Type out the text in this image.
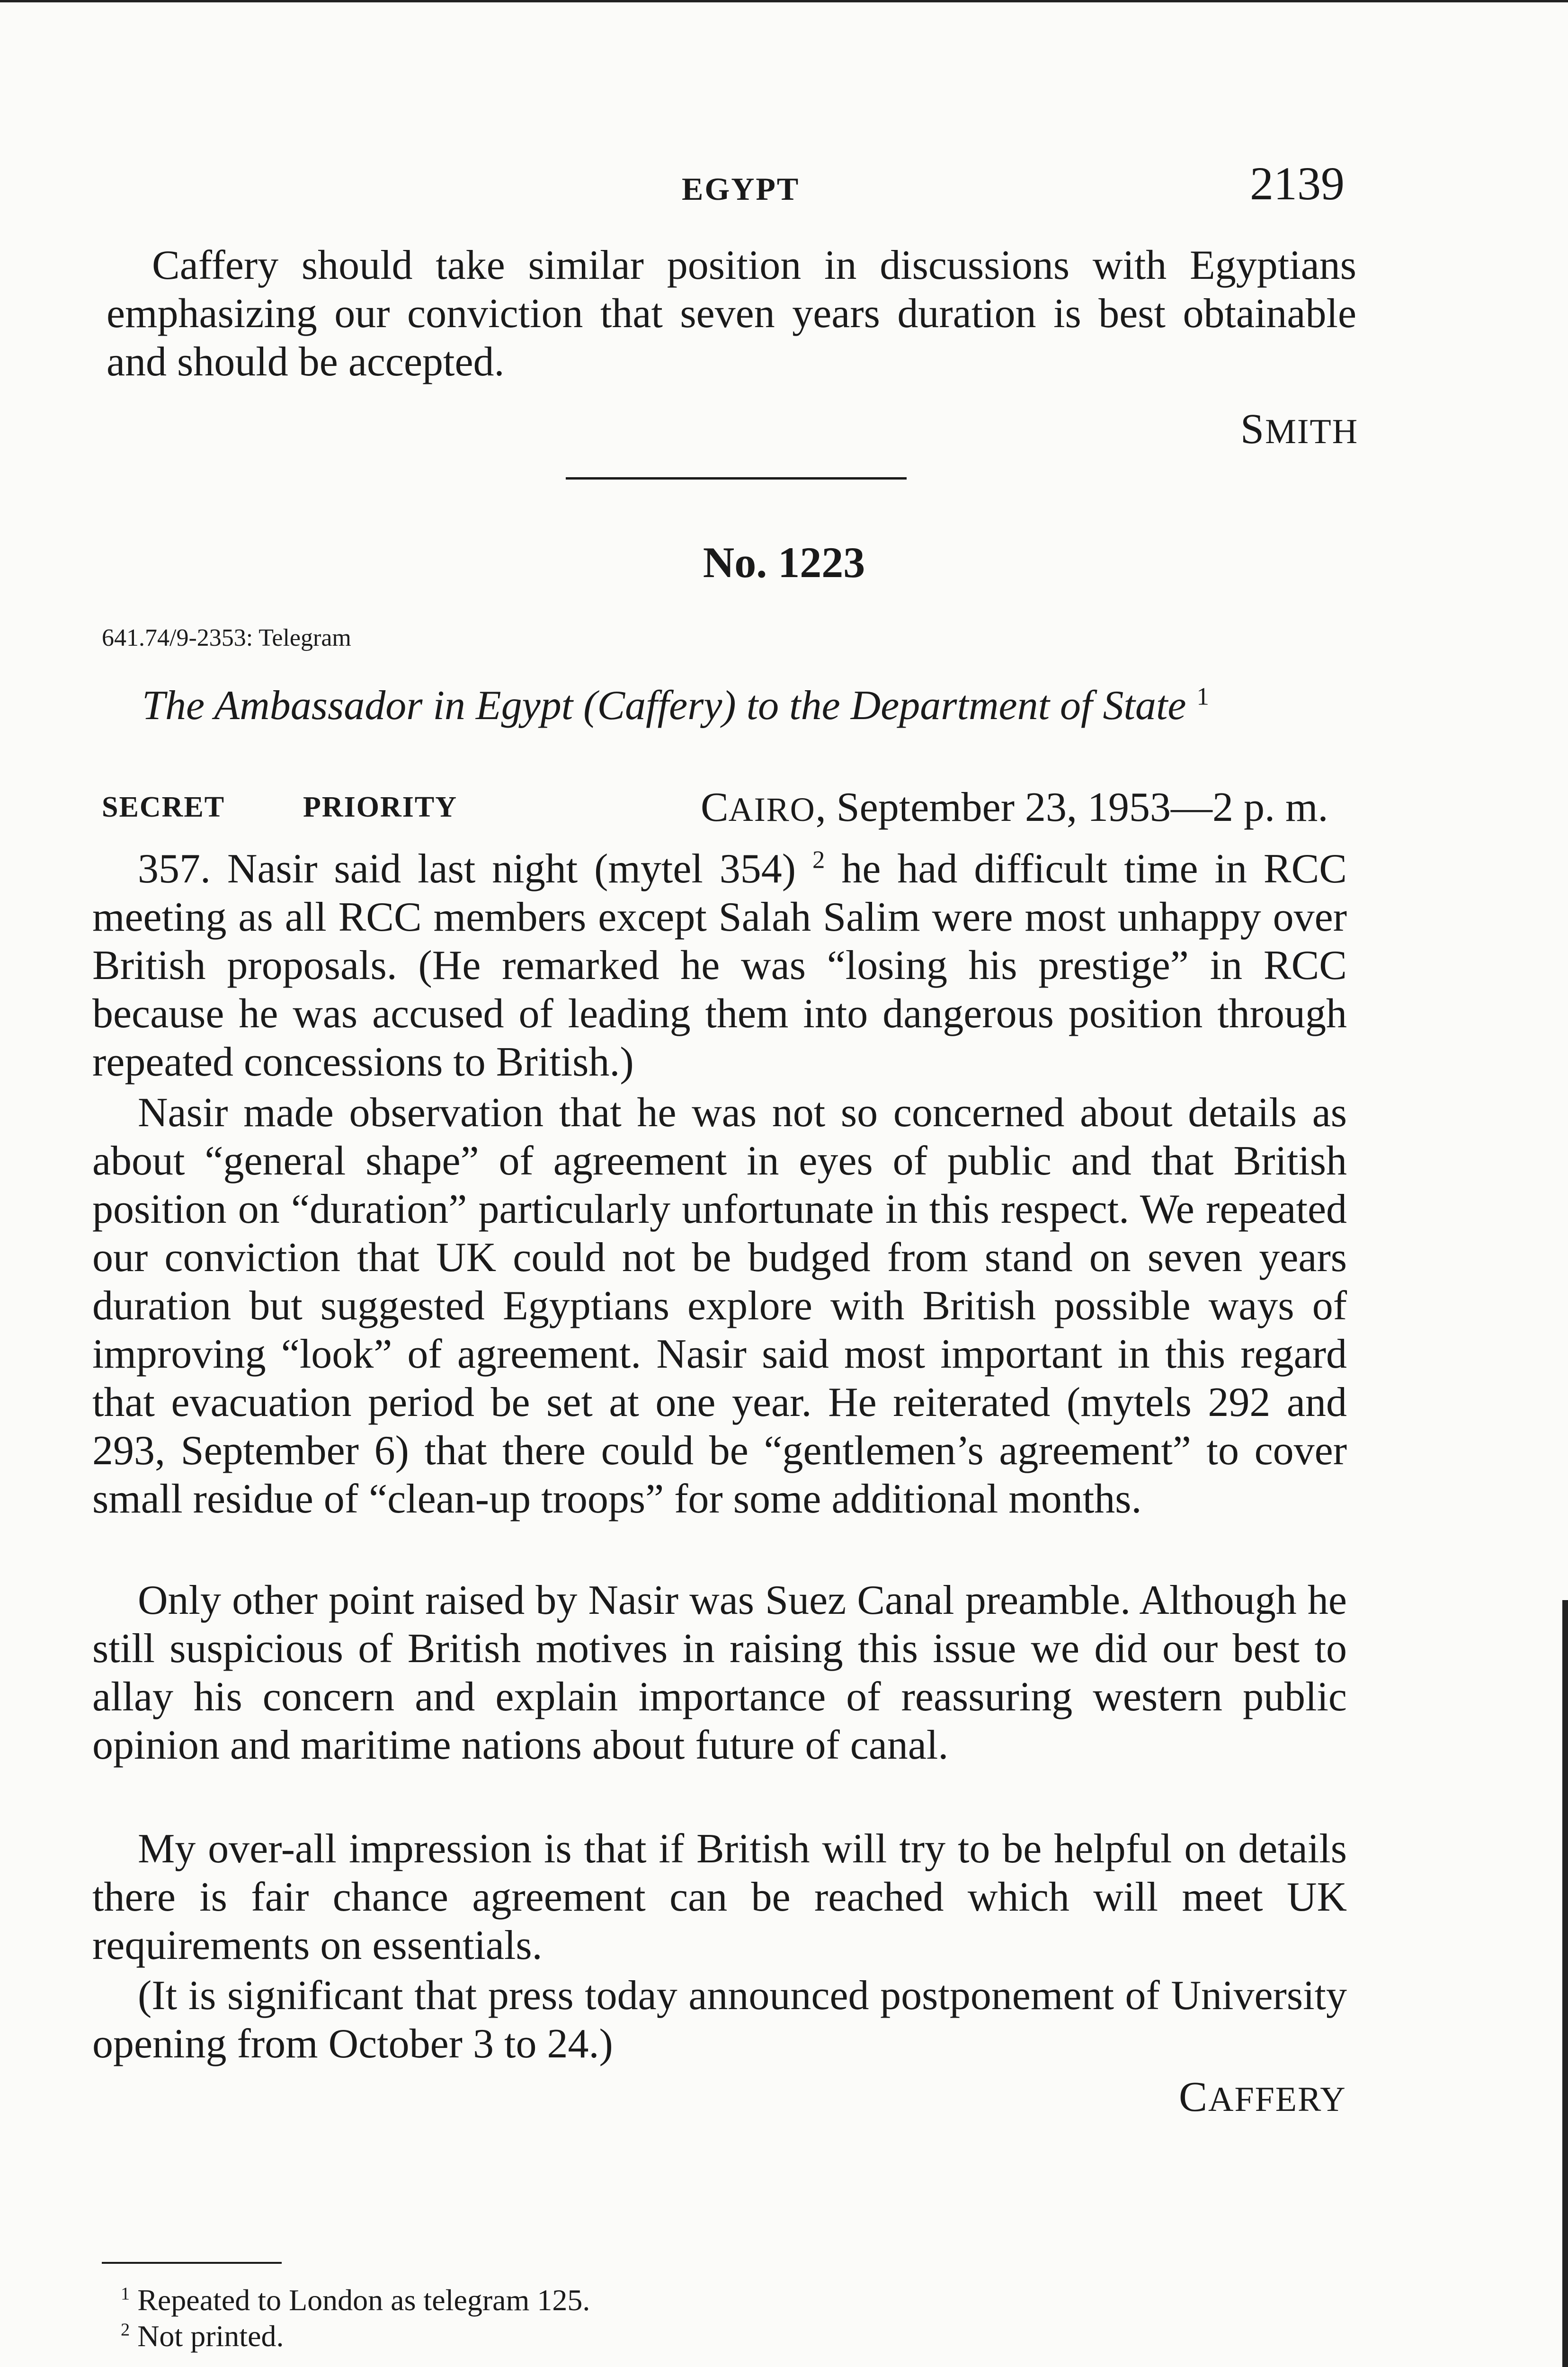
EGYPT	2139
Caffery should take similar position in discussions with Egyptians emphasizing our conviction that seven years duration is best obtainable and should be accepted.
SMITH
No. 1223
641.74/9-2353: Telegram
The Ambassador in Egypt (Caffery) to the Department of State $^1$
SECRET	PRIORITY	CAIRO, September 23, 1953—2 p. m.
357. Nasir said last night (mytel 354) $^2$ he had difficult time in RCC meeting as all RCC members except Salah Salim were most unhappy over British proposals. (He remarked he was “losing his prestige” in RCC because he was accused of leading them into dangerous position through repeated concessions to British.)
Nasir made observation that he was not so concerned about details as about “general shape” of agreement in eyes of public and that British position on “duration” particularly unfortunate in this respect. We repeated our conviction that UK could not be budged from stand on seven years duration but suggested Egyptians explore with British possible ways of improving “look” of agreement. Nasir said most important in this regard that evacuation period be set at one year. He reiterated (mytels 292 and 293, September 6) that there could be “gentlemen’s agreement” to cover small residue of “clean-up troops” for some additional months.
Only other point raised by Nasir was Suez Canal preamble. Although he still suspicious of British motives in raising this issue we did our best to allay his concern and explain importance of reassuring western public opinion and maritime nations about future of canal.
My over-all impression is that if British will try to be helpful on details there is fair chance agreement can be reached which will meet UK requirements on essentials.
(It is significant that press today announced postponement of University opening from October 3 to 24.)
CAFFERY
$^1$ Repeated to London as telegram 125.
$^2$ Not printed.
